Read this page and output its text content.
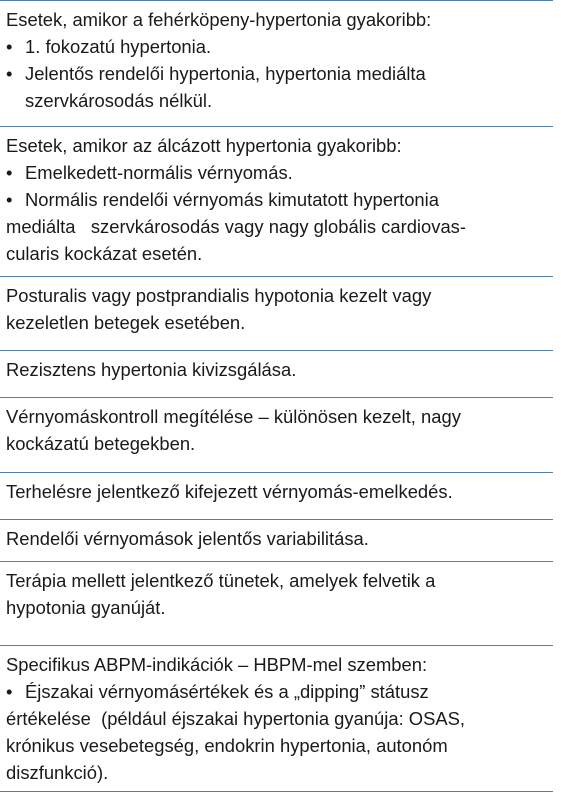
Esetek, amikor a fehérköpeny-hypertonia gyakoribb:
• 1. fokozatú hypertonia.
• Jelentős rendelői hypertonia, hypertonia mediálta
szervkárosodás nélkül.
Esetek, amikor az álcázott hypertonia gyakoribb:
• Emelkedett-normális vérnyomás.
• Normális rendelői vérnyomás kimutatott hypertonia
mediálta   szervkárosodás vagy nagy globális cardiovas-
cularis kockázat esetén.
Posturalis vagy postprandialis hypotonia kezelt vagy
kezeletlen betegek esetében.
Rezisztens hypertonia kivizsgálása.
Vérnyomáskontroll megítélése – különösen kezelt, nagy
kockázatú betegekben.
Terhelésre jelentkező kifejezett vérnyomás-emelkedés.
Rendelői vérnyomások jelentős variabilitása.
Terápia mellett jelentkező tünetek, amelyek felvetik a
hypotonia gyanúját.
Specifikus ABPM-indikációk – HBPM-mel szemben:
• Éjszakai vérnyomásértékek és a „dipping” státusz
értékelése  (például éjszakai hypertonia gyanúja: OSAS,
krónikus vesebetegség, endokrin hypertonia, autonóm
diszfunkció).
